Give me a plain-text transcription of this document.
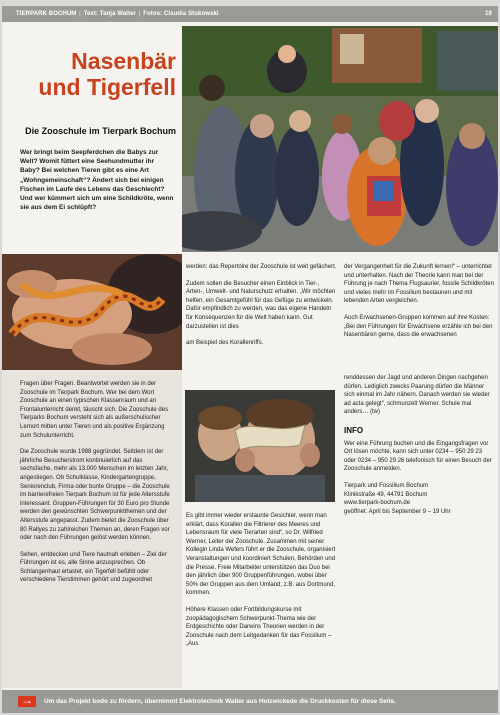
TIERPARK BOCHUM | Text: Tanja Walter | Fotos: Claudia Stukowski	19
Nasenbär
und Tigerfell
Die Zooschule im Tierpark Bochum
Wer bringt beim Seepferdchen die Babys zur Welt? Womit füttert eine Seehundmutter ihr Baby? Bei welchen Tieren gibt es eine Art „Wohngemeinschaft“? Ändert sich bei einigen Fischen im Laufe des Lebens das Geschlecht? Und wer kümmert sich um eine Schildkröte, wenn sie aus dem Ei schlüpft?

Fragen über Fragen. Beantwortet werden sie in der Zooschule im Tierpark Bochum. Wer bei dem Wort Zooschule an einen typischen Klassenraum und an Frontalunterricht denkt, täuscht sich. Die Zooschule des Tierparks Bochum versteht sich als außerschulischer Lernort mitten unter Tieren und als positive Ergänzung zum Schulunterricht.

Die Zooschule wurde 1988 gegründet. Seitdem ist der jährliche Besucherstrom kontinuierlich auf das sechsfache, mehr als 13.000 Menschen im letzten Jahr, angestiegen. Ob Schulklasse, Kindergartengruppe, Seniorenclub, Firma oder bunte Gruppe – die Zooschule im barrierefreien Tierpark Bochum ist für jede Altersstufe interessant. Gruppen-Führungen für 30 Euro pro Stunde werden den gewünschten Schwerpunktthemen und der Altersstufe angepasst. Zudem bietet die Zooschule über 80 Rallyes zu zahlreichen Themen an, deren Fragen vor oder nach den Führungen gelöst werden können.

Sehen, entdecken und Tiere hautnah erleben – Ziel der Führungen ist es, alle Sinne anzusprechen. Ob Schlangenhaut ertastet, ein Tigerfell befühlt oder verschiedene Tierstimmen gehört und zugeordnet

werden: das Repertoire der Zooschule ist weit gefächert.

Zudem sollen die Besucher einen Einblick in Tier-, Arten-, Umwelt- und Naturschutz erhalten. „Wir möchten helfen, ein Gesamtgefühl für das Gefüge zu entwickeln. Dafür empfindlich zu werden, was das eigene Handeln für Konsequenzen für die Welt haben kann. Gut darzustellen ist dies

am Beispiel des Korallenriffs.

Es gibt immer wieder erstaunte Gesichter, wenn man erklärt, dass Korallen die Filtrierer des Meeres und Lebensraum für viele Tierarten sind“, so Dr. Wilfried Werner, Leiter der Zooschule. Zusammen mit seiner Kollegin Linda Wefers führt er die Zooschule, organisiert Veranstaltungen und koordiniert Schulen, Behörden und die Presse. Freie Mitarbeiter unterstützen das Duo bei den jährlich über 900 Gruppenführungen, wobei über 50% der Gruppen aus dem Umland, z.B. aus Dortmund, kommen.

Höhere Klassen oder Fortbildungskurse mit zoopädagogischem Schwerpunkt-Thema wie der Erdgeschichte oder Darwins Theorien werden in der Zooschule nach dem Leitgedanken für das Fossilium – „Aus

der Vergangenheit für die Zukunft lernen!“ – unterrichtet und unterhalten. Nach der Theorie kann man bei der Führung je nach Thema Flugsaurier, fossile Schildkröten und vieles mehr im Fossilium bestaunen und mit lebenden Arten vergleichen.

Auch Erwachsenen-Gruppen kommen auf ihre Kosten: „Bei den Führungen für Erwachsene erzähle ich bei den Nasenbären gerne, dass die erwachsenen

renddessen der Jagd und anderen Dingen nachgehen dürfen. Lediglich zwecks Paarung dürfen die Männer sich einmal im Jahr nähern. Danach werden sie wieder ad acta gelegt“, schmunzelt Werner. Schule mal anders… (tw)

INFO

Wer eine Führung buchen und die Eingangsfragen vor Ort lösen möchte, kann sich unter 0234 – 950 29 23 oder 0234 – 950 29 26 telefonisch für einen Besuch der Zooschule anmelden.

Tierpark und Fossilium Bochum
Klinikstraße 49, 44791 Bochum
www.tierpark-bochum.de
geöffnet: April bis September 9 – 19 Uhr
→
Um das Projekt bodo zu fördern, übernimmt Elektrotechnik Walter aus Holzwickede die Druckkosten für diese Seite.
